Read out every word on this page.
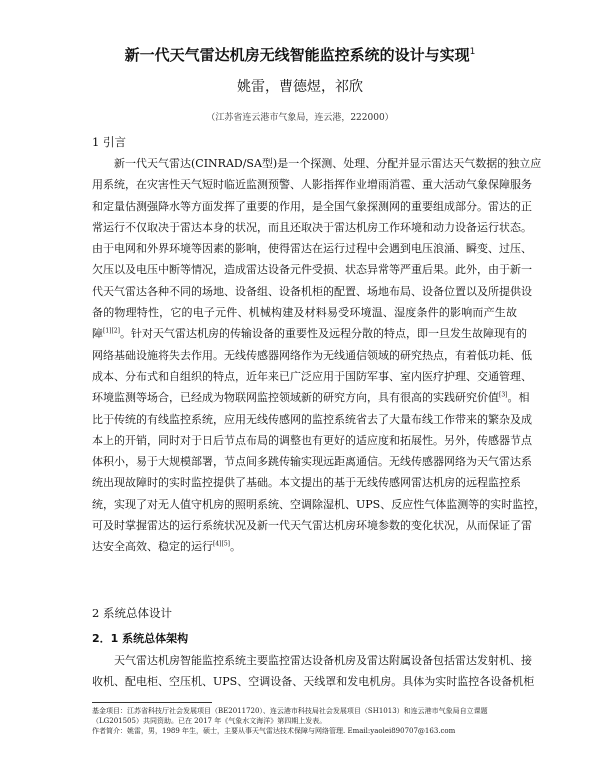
新一代天气雷达机房无线智能监控系统的设计与实现$^1$
姚雷，曹德煜，祁欣
（江苏省连云港市气象局，连云港，222000）
1 引言
新一代天气雷达(CINRAD/SA型)是一个探测、处理、分配并显示雷达天气数据的独立应
用系统，在灾害性天气短时临近监测预警、人影指挥作业增雨消雹、重大活动气象保障服务
和定量估测强降水等方面发挥了重要的作用，是全国气象探测网的重要组成部分。雷达的正
常运行不仅取决于雷达本身的状况，而且还取决于雷达机房工作环境和动力设备运行状态。
由于电网和外界环境等因素的影响，使得雷达在运行过程中会遇到电压浪涌、瞬变、过压、
欠压以及电压中断等情况，造成雷达设备元件受损、状态异常等严重后果。此外，由于新一
代天气雷达各种不同的场地、设备组、设备机柜的配置、场地布局、设备位置以及所提供设
备的物理特性，它的电子元件、机械构建及材料易受环境温、湿度条件的影响而产生故
障[1][2]。针对天气雷达机房的传输设备的重要性及远程分散的特点，即一旦发生故障现有的
网络基础设施将失去作用。无线传感器网络作为无线通信领域的研究热点，有着低功耗、低
成本、分布式和自组织的特点，近年来已广泛应用于国防军事、室内医疗护理、交通管理、
环境监测等场合，已经成为物联网监控领域新的研究方向，具有很高的实践研究价值[3]。相
比于传统的有线监控系统，应用无线传感网的监控系统省去了大量布线工作带来的繁杂及成
本上的开销，同时对于日后节点布局的调整也有更好的适应度和拓展性。另外，传感器节点
体积小，易于大规模部署，节点间多跳传输实现远距离通信。无线传感器网络为天气雷达系
统出现故障时的实时监控提供了基础。本文提出的基于无线传感网雷达机房的远程监控系
统，实现了对无人值守机房的照明系统、空调除湿机、UPS、反应性气体监测等的实时监控，
可及时掌握雷达的运行系统状况及新一代天气雷达机房环境参数的变化状况，从而保证了雷
达安全高效、稳定的运行[4][5]。
2 系统总体设计
2．1 系统总体架构
天气雷达机房智能监控系统主要监控雷达设备机房及雷达附属设备包括雷达发射机、接
收机、配电柜、空压机、UPS、空调设备、天线罩和发电机房。具体为实时监控各设备机柜
基金项目：江苏省科技厅社会发展项目（BE2011720）、连云港市科技局社会发展项目（SH1013）和连云港市气象局自立课题
（LG201505）共同资助。已在 2017 年《气象水文海洋》第四期上发表。
作者简介：姚雷，男，1989 年生，硕士，主要从事天气雷达技术保障与网络管理. Email:yaolei890707@163.com
